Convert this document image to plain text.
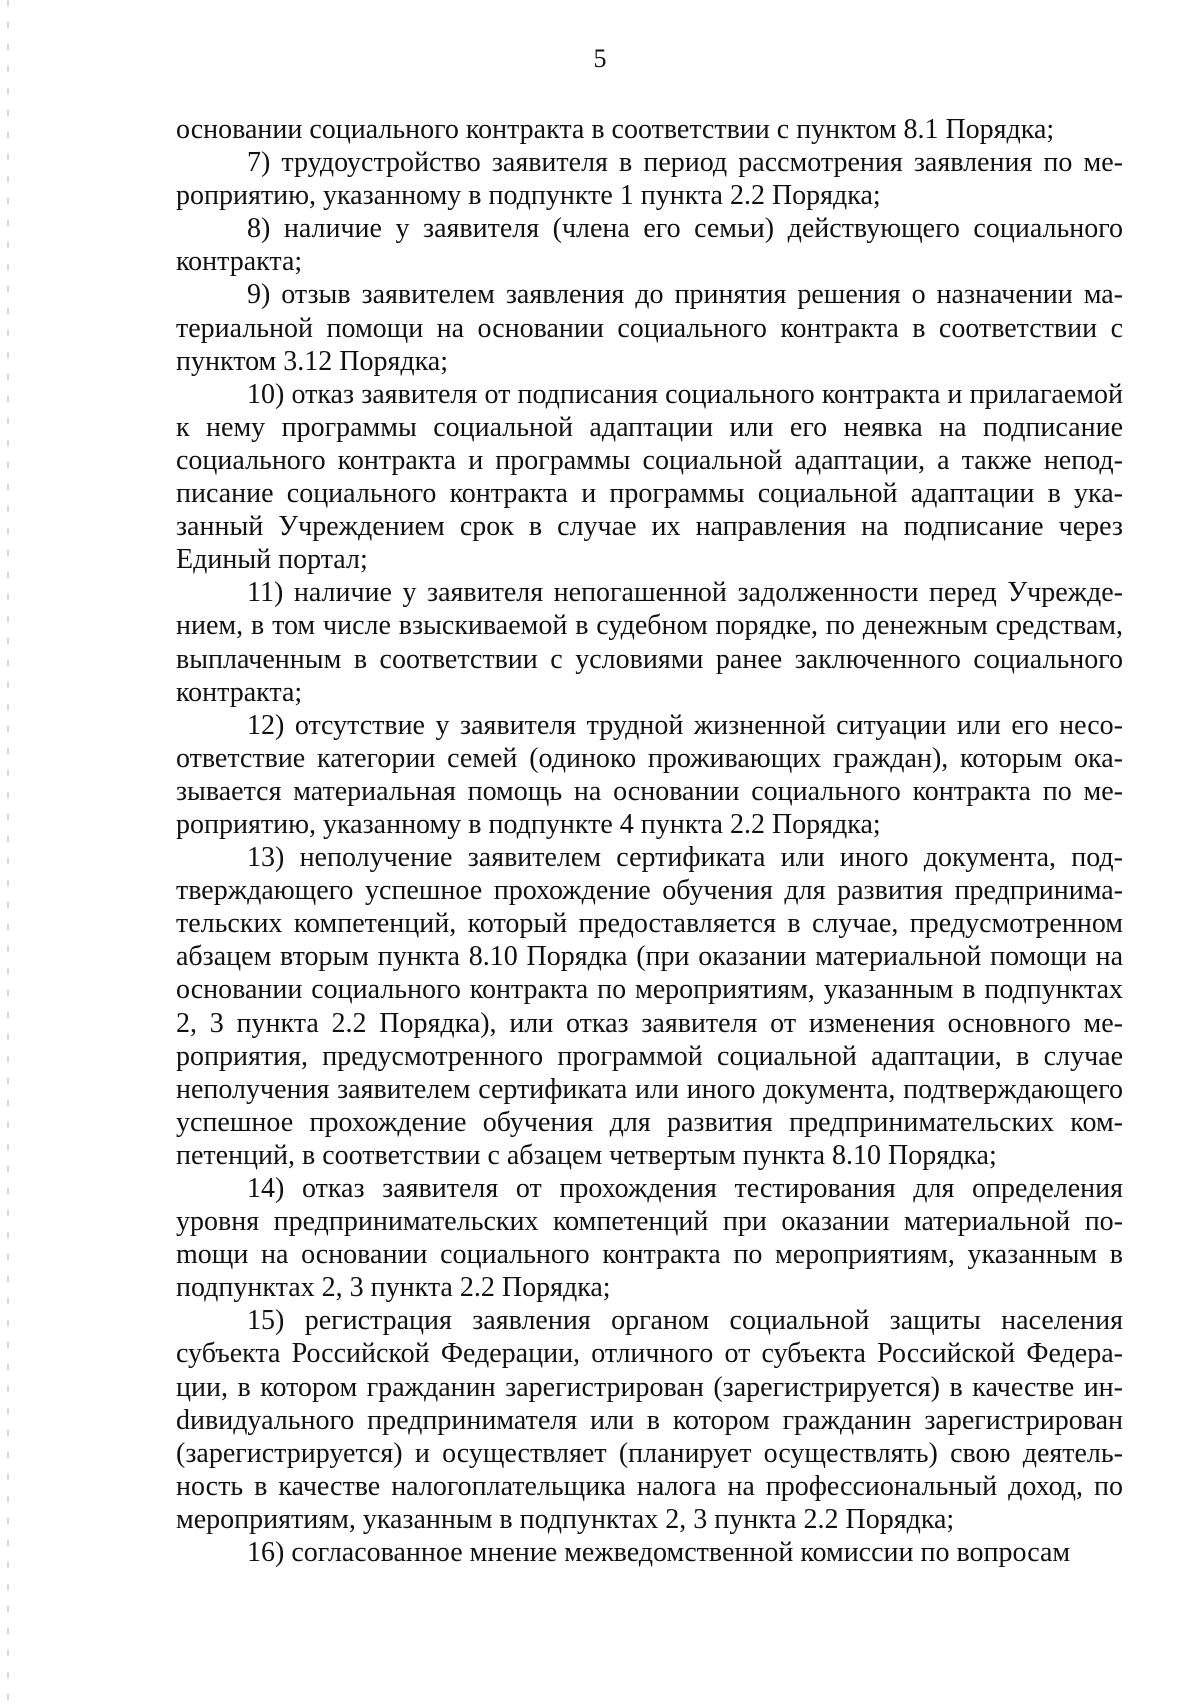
5

основании социального контракта в соответствии с пунктом 8.1 Порядка;

7) трудоустройство заявителя в период рассмотрения заявления по мероприятию, указанному в подпункте 1 пункта 2.2 Порядка;

8) наличие у заявителя (члена его семьи) действующего социального контракта;

9) отзыв заявителем заявления до принятия решения о назначении материальной помощи на основании социального контракта в соответствии с пунктом 3.12 Порядка;

10) отказ заявителя от подписания социального контракта и прилагаемой к нему программы социальной адаптации или его неявка на подписание социального контракта и программы социальной адаптации, а также неподписание социального контракта и программы социальной адаптации в указанный Учреждением срок в случае их направления на подписание через Единый портал;

11) наличие у заявителя непогашенной задолженности перед Учреждением, в том числе взыскиваемой в судебном порядке, по денежным средствам, выплаченным в соответствии с условиями ранее заключенного социального контракта;

12) отсутствие у заявителя трудной жизненной ситуации или его несоответствие категории семей (одиноко проживающих граждан), которым оказывается материальная помощь на основании социального контракта по мероприятию, указанному в подпункте 4 пункта 2.2 Порядка;

13) неполучение заявителем сертификата или иного документа, подтверждающего успешное прохождение обучения для развития предпринимательских компетенций, который предоставляется в случае, предусмотренном абзацем вторым пункта 8.10 Порядка (при оказании материальной помощи на основании социального контракта по мероприятиям, указанным в подпунктах 2, 3 пункта 2.2 Порядка), или отказ заявителя от изменения основного мероприятия, предусмотренного программой социальной адаптации, в случае неполучения заявителем сертификата или иного документа, подтверждающего успешное прохождение обучения для развития предпринимательских компетенций, в соответствии с абзацем четвертым пункта 8.10 Порядка;

14) отказ заявителя от прохождения тестирования для определения уровня предпринимательских компетенций при оказании материальной поmощи на основании социального контракта по мероприятиям, указанным в подпунктах 2, 3 пункта 2.2 Порядка;

15) регистрация заявления органом социальной защиты населения субъекта Российской Федерации, отличного от субъекта Российской Федерации, в котором гражданин зарегистрирован (зарегистрируется) в качестве инdивидуального предпринимателя или в котором гражданин зарегистрирован (зарегистрируется) и осуществляет (планирует осуществлять) свою деятельность в качестве налогоплательщика налога на профессиональный доход, по мероприятиям, указанным в подпунктах 2, 3 пункта 2.2 Порядка;

16) согласованное мнение межведомственной комиссии по вопросам
